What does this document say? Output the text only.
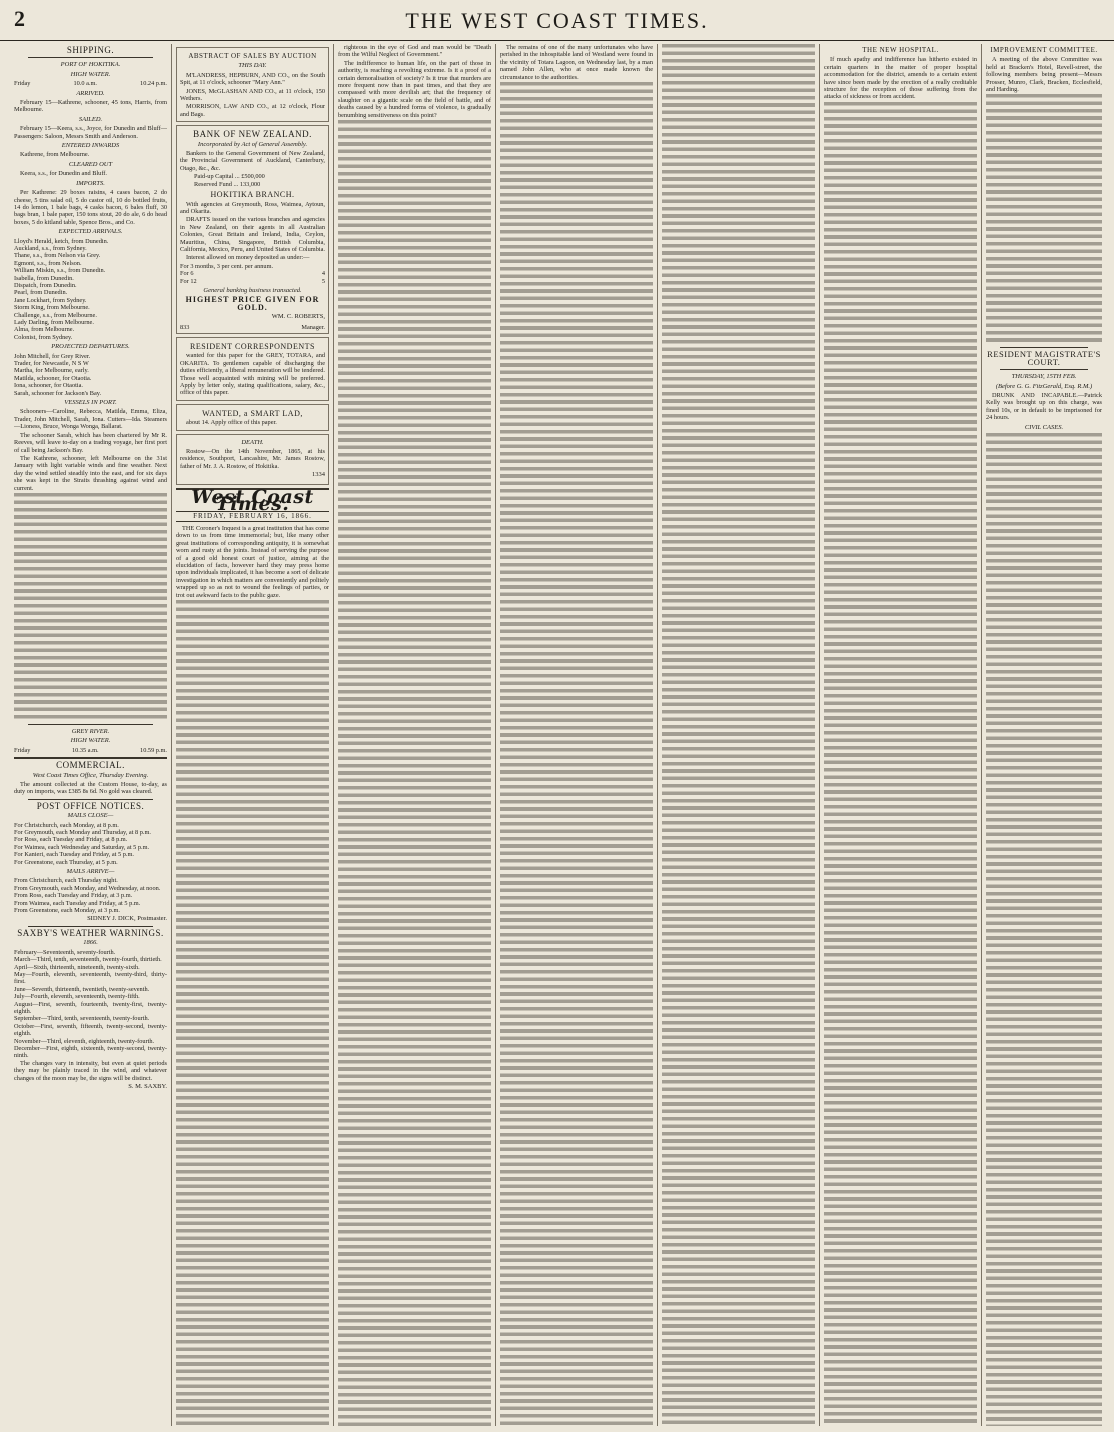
2	THE WEST COAST TIMES.
SHIPPING.
PORT OF HOKITIKA.
HIGH WATER.
Friday	10.0 a.m.	10.24 p.m.
ARRIVED.

February 15—Kathrene, schooner, 45 tons, Harris, from Melbourne.

SAILED.

February 15—Keera, s.s., Joyce, for Dunedin and Bluff—Passengers: Saloon, Messrs Smith and Anderson.

ENTERED INWARDS

Kathrene, from Melbourne.

CLEARED OUT

Keera, s.s., for Dunedin and Bluff.

IMPORTS.

Per Kathrene: 29 boxes raisins, 4 cases bacon, 2 do cheese, 5 tins salad oil, 5 do castor oil, 10 do bottled fruits, 14 do lemon, 1 bale bags, 4 casks bacon, 6 bales fluff, 30 bags bran, 1 bale paper, 150 tons stout, 20 do ale, 6 do head boxes, 5 do kitland table, Spence Bros., and Co.

EXPECTED ARRIVALS.

Lloyd's Herald, ketch, from Dunedin.

Auckland, s.s., from Sydney.

Thane, s.s., from Nelson via Grey.

Egmont, s.s., from Nelson.

William Miskin, s.s., from Dunedin.

Isabella, from Dunedin.

Dispatch, from Dunedin.

Pearl, from Dunedin.

Jane Lockhart, from Sydney.

Storm King, from Melbourne.

Challenge, s.s., from Melbourne.

Lady Darling, from Melbourne.

Alma, from Melbourne.

Colonist, from Sydney.

PROJECTED DEPARTURES.

John Mitchell, for Grey River.

Trader, for Newcastle, N S W

Martha, for Melbourne, early.

Matilda, schooner, for Otaotia.

Iona, schooner, for Otaotia.

Sarah, schooner for Jackson's Bay.

VESSELS IN PORT.

Schooners—Caroline, Rebecca, Matilda, Emma, Eliza, Trader, John Mitchell, Sarah, Iona. Cutters—Ida. Steamers—Lioness, Bruce, Wonga Wonga, Ballarat.

The schooner Sarah, which has been chartered by Mr R. Reeves, will leave to-day on a trading voyage, her first port of call being Jackson's Bay.

The Kathrene, schooner, left Melbourne on the 31st January with light variable winds and fine weather. Next day the wind settled steadily into the east, and for six days she was kept in the Straits thrashing against wind and current.

GREY RIVER.
HIGH WATER.
Friday	10.35 a.m.	10.59 p.m.
COMMERCIAL.
West Coast Times Office, Thursday Evening.

The amount collected at the Custom House, to-day, as duty on imports, was £385 8s 6d. No gold was cleared.

POST OFFICE NOTICES.
MAILS CLOSE—

For Christchurch, each Monday, at 8 p.m.

For Greymouth, each Monday and Thursday, at 8 p.m.

For Ross, each Tuesday and Friday, at 8 p.m.

For Waimea, each Wednesday and Saturday, at 5 p.m.

For Kanieri, each Tuesday and Friday, at 5 p.m.

For Greenstone, each Thursday, at 5 p.m.

MAILS ARRIVE—

From Christchurch, each Thursday night.

From Greymouth, each Monday, and Wednesday, at noon.

From Ross, each Tuesday and Friday, at 3 p.m.

From Waimea, each Tuesday and Friday, at 5 p.m.

From Greenstone, each Monday, at 3 p.m.

SIDNEY J. DICK, Postmaster.
SAXBY'S WEATHER WARNINGS.
1866.

February—Seventeenth, seventy-fourth.

March—Third, tenth, seventeenth, twenty-fourth, thirtieth.

April—Sixth, thirteenth, nineteenth, twenty-sixth.

May—Fourth, eleventh, seventeenth, twenty-third, thirty-first.

June—Seventh, thirteenth, twentieth, twenty-seventh.

July—Fourth, eleventh, seventeenth, twenty-fifth.

August—First, seventh, fourteenth, twenty-first, twenty-eighth.

September—Third, tenth, seventeenth, twenty-fourth.

October—First, seventh, fifteenth, twenty-second, twenty-eighth.

November—Third, eleventh, eighteenth, twenty-fourth.

December—First, eighth, sixteenth, twenty-second, twenty-ninth.

The changes vary in intensity, but even at quiet periods they may be plainly traced in the wind, and whatever changes of the moon may be, the signs will be distinct.

S. M. SAXBY.
ABSTRACT OF SALES BY AUCTION
THIS DAY.

M'LANDRESS, HEPBURN, AND CO., on the South Spit, at 11 o'clock, schooner "Mary Ann."

JONES, McGLASHAN AND CO., at 11 o'clock, 150 Wethers.

MORRISON, LAW AND CO., at 12 o'clock, Flour and Bags.

BANK OF NEW ZEALAND.
Incorporated by Act of General Assembly.

Bankers to the General Government of New Zealand, the Provincial Government of Auckland, Canterbury, Otago, &c., &c.

Paid-up Capital ... £500,000

Reserved Fund ... 133,000

HOKITIKA BRANCH.

With agencies at Greymouth, Ross, Waimea, Aytoun, and Okarita.

DRAFTS issued on the various branches and agencies in New Zealand, on their agents in all Australian Colonies, Great Britain and Ireland, India, Ceylon, Mauritius, China, Singapore, British Columbia, California, Mexico, Peru, and United States of Columbia.

Interest allowed on money deposited as under:—

For 3 months, 3 per cent. per annum.
For 6	4
For 12	5
General banking business transacted.
HIGHEST PRICE GIVEN FOR GOLD.
WM. C. ROBERTS,
833	Manager.
RESIDENT CORRESPONDENTS

wanted for this paper for the GREY, TOTARA, and OKARITA. To gentlemen capable of discharging the duties efficiently, a liberal remuneration will be tendered. Those well acquainted with mining will be preferred. Apply by letter only, stating qualifications, salary, &c., office of this paper.

WANTED, a SMART LAD,

about 14. Apply office of this paper.

DEATH.

Rostow—On the 14th November, 1865, at his residence, Southport, Lancashire, Mr. James Rostow, father of Mr. J. A. Rostow, of Hokitika.

1334
West Coast Times.
FRIDAY, FEBRUARY 16, 1866.

THE Coroner's Inquest is a great institution that has come down to us from time immemorial; but, like many other great institutions of corresponding antiquity, it is somewhat worn and rusty at the joints. Instead of serving the purpose of a good old honest court of justice, aiming at the elucidation of facts, however hard they may press home upon individuals implicated, it has become a sort of delicate investigation in which matters are conveniently and politely wrapped up so as not to wound the feelings of parties, or trot out awkward facts to the public gaze.

righteous in the eye of God and man would be "Death from the Wilful Neglect of Government."

The indifference to human life, on the part of those in authority, is reaching a revolting extreme. Is it a proof of a certain demoralisation of society? Is it true that murders are more frequent now than in past times, and that they are compassed with more devilish art; that the frequency of slaughter on a gigantic scale on the field of battle, and of deaths caused by a hundred forms of violence, is gradually benumbing sensitiveness on this point?

The remains of one of the many unfortunates who have perished in the inhospitable land of Westland were found in the vicinity of Totara Lagoon, on Wednesday last, by a man named John Allen, who at once made known the circumstance to the authorities.

THE NEW HOSPITAL.

If much apathy and indifference has hitherto existed in certain quarters in the matter of proper hospital accommodation for the district, amends to a certain extent have since been made by the erection of a really creditable structure for the reception of those suffering from the attacks of sickness or from accident.

IMPROVEMENT COMMITTEE.

A meeting of the above Committee was held at Bracken's Hotel, Revell-street, the following members being present—Messrs Prosser, Munro, Clark, Bracken, Ecclesfield, and Harding.

RESIDENT MAGISTRATE'S COURT.
THURSDAY, 15TH FEB.
(Before G. G. FitzGerald, Esq. R.M.)

DRUNK AND INCAPABLE.—Patrick Kelly was brought up on this charge, was fined 10s, or in default to be imprisoned for 24 hours.

CIVIL CASES.
